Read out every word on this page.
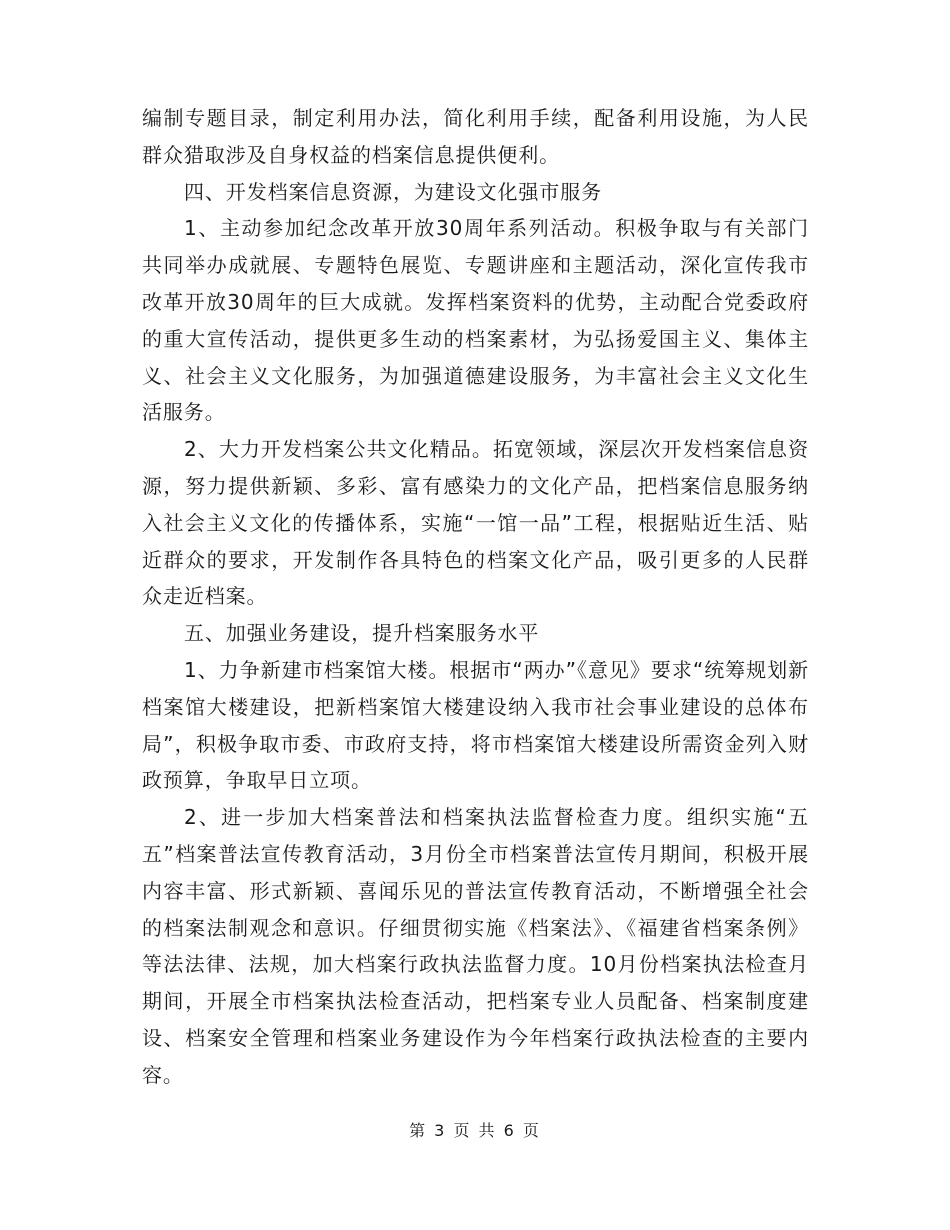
编制专题目录，制定利用办法，简化利用手续，配备利用设施，为人民群众猎取涉及自身权益的档案信息提供便利。

四、开发档案信息资源，为建设文化强市服务

1、主动参加纪念改革开放30周年系列活动。积极争取与有关部门共同举办成就展、专题特色展览、专题讲座和主题活动，深化宣传我市改革开放30周年的巨大成就。发挥档案资料的优势，主动配合党委政府的重大宣传活动，提供更多生动的档案素材，为弘扬爱国主义、集体主义、社会主义文化服务，为加强道德建设服务，为丰富社会主义文化生活服务。

2、大力开发档案公共文化精品。拓宽领域，深层次开发档案信息资源，努力提供新颖、多彩、富有感染力的文化产品，把档案信息服务纳入社会主义文化的传播体系，实施“一馆一品”工程，根据贴近生活、贴近群众的要求，开发制作各具特色的档案文化产品，吸引更多的人民群众走近档案。

五、加强业务建设，提升档案服务水平

1、力争新建市档案馆大楼。根据市“两办”《意见》要求“统筹规划新档案馆大楼建设，把新档案馆大楼建设纳入我市社会事业建设的总体布局”，积极争取市委、市政府支持，将市档案馆大楼建设所需资金列入财政预算，争取早日立项。

2、进一步加大档案普法和档案执法监督检查力度。组织实施“五五”档案普法宣传教育活动，3月份全市档案普法宣传月期间，积极开展内容丰富、形式新颖、喜闻乐见的普法宣传教育活动，不断增强全社会的档案法制观念和意识。仔细贯彻实施《档案法》、《福建省档案条例》等法法律、法规，加大档案行政执法监督力度。10月份档案执法检查月期间，开展全市档案执法检查活动，把档案专业人员配备、档案制度建设、档案安全管理和档案业务建设作为今年档案行政执法检查的主要内容。

第 3 页 共 6 页
